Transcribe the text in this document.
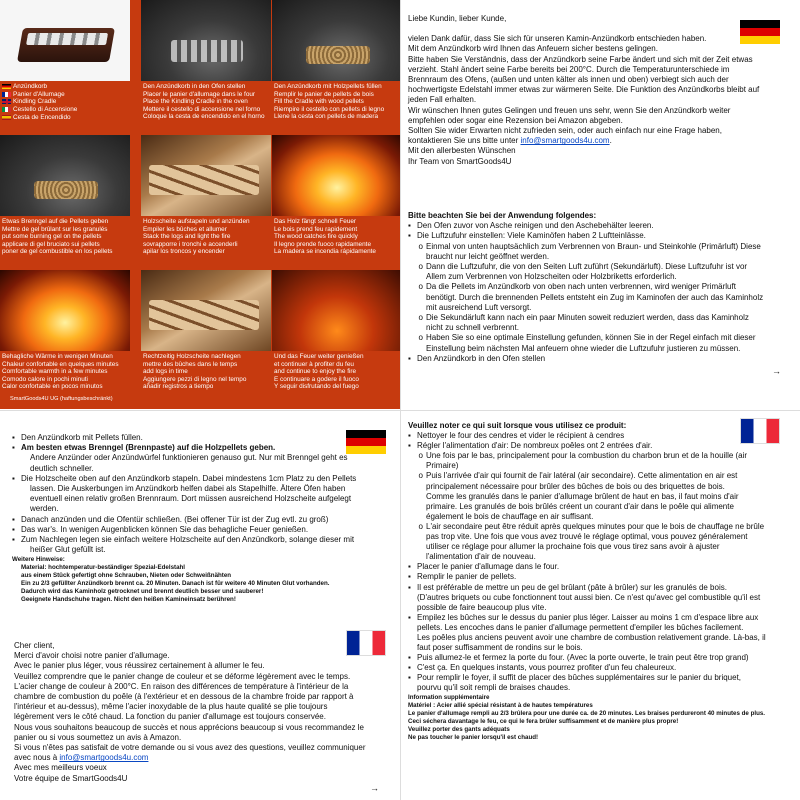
Anzündkorb
Panier d'Allumage
Kindling Cradle
Cestello di Accensione
Cesta de Encendido
Den Anzündkorb in den Ofen stellen
Placer le panier d'allumage dans le four
Place the Kindling Cradle in the oven
Mettere il cestello di accensione nel forno
Coloque la cesta de encendido en el horno
Den Anzündkorb mit Holzpellets füllen
Remplir le panier de pellets de bois
Fill the Cradle with wood pellets
Riempire il cestello con pellets di legno
Llene la cesta con pellets de madera
Etwas Brenngel auf die Pellets geben
Mettre de gel brûlant sur les granulés
put some burning gel on the pellets
applicare di gel bruciato sui pellets
poner de gel combustible en los pellets
Holzscheite aufstapeln und anzünden
Empiler les bûches et allumer
Stack the logs and light the fire
sovrapporre i tronchi e accenderli
apilar los troncos y encender
Das Holz fängt schnell Feuer
Le bois prend feu rapidement
The wood catches fire quickly
Il legno prende fuoco rapidamente
La madera se incendia rápidamente
Behagliche Wärme in wenigen Minuten
Chaleur confortable en quelques minutes
Comfortable warmth in a few minutes
Comodo calore in pochi minuti
Calor confortable en pocos minutos
Rechtzeitig Holzscheite nachlegen
mettre des bûches dans le temps
add logs in time
Aggiungere pezzi di legno nel tempo
añadir registros a tiempo
Und das Feuer weiter genießen
et continuer à profiter du feu
and continue to enjoy the fire
E continuare a godere il fuoco
Y seguir disfrutando del fuego
SmartGoods4U UG (haftungsbeschränkt)

Liebe Kundin, lieber Kunde,

vielen Dank dafür, dass Sie sich für unseren Kamin-Anzündkorb entschieden haben.

Mit dem Anzündkorb wird Ihnen das Anfeuern sicher bestens gelingen.

Bitte haben Sie Verständnis, dass der Anzündkorb seine Farbe ändert und sich mit der Zeit etwas

verzieht. Stahl ändert seine Farbe bereits bei 200°C. Durch die Temperaturunterschiede im

Brennraum des Ofens, (außen und unten kälter als innen und oben) verbiegt sich auch der

hochwertigste Edelstahl immer etwas zur wärmeren Seite. Die Funktion des Anzündkorbs bleibt auf

jeden Fall erhalten.

Wir wünschen Ihnen gutes Gelingen und freuen uns sehr, wenn Sie den Anzündkorb weiter

empfehlen oder sogar eine Rezension bei Amazon abgeben.

Sollten Sie wider Erwarten nicht zufrieden sein, oder auch einfach nur eine Frage haben,

kontaktieren Sie uns bitte unter info@smartgoods4u.com.

Mit den allerbesten Wünschen

Ihr Team von SmartGoods4U

Bitte beachten Sie bei der Anwendung folgendes:

▪ Den Ofen zuvor von Asche reinigen und den Aschebehälter leeren.
▪ Die Luftzufuhr einstellen: Viele Kaminöfen haben 2 Luftteinlässe.
o Einmal von unten hauptsächlich zum Verbrennen von Braun- und Steinkohle (Primärluft) Diese
braucht nur leicht geöffnet werden.
o Dann die Luftzufuhr, die von den Seiten Luft zuführt (Sekundärluft). Diese Luftzufuhr ist vor
Allem zum Verbrennen von Holzscheiten oder Holzbriketts erforderlich.
o Da die Pellets im Anzündkorb von oben nach unten verbrennen, wird weniger Primärluft
benötigt. Durch die brennenden Pellets entsteht ein Zug im Kaminofen der auch das Kaminholz
mit ausreichend Luft versorgt.
o Die Sekundärluft kann nach ein paar Minuten soweit reduziert werden, dass das Kaminholz
nicht zu schnell verbrennt.
o Haben Sie so eine optimale Einstellung gefunden, können Sie in der Regel einfach mit dieser
Einstellung beim nächsten Mal anfeuern ohne wieder die Luftzufuhr justieren zu müssen.
▪ Den Anzündkorb in den Ofen stellen
→
▪ Den Anzündkorb mit Pellets füllen.
▪ Am besten etwas Brenngel (Brennpaste) auf die Holzpellets geben.
Andere Anzünder oder Anzündwürfel funktionieren genauso gut. Nur mit Brenngel geht es
deutlich schneller.
▪ Die Holzscheite oben auf den Anzündkorb stapeln. Dabei mindestens 1cm Platz zu den Pellets
lassen. Die Auskerbungen im Anzündkorb helfen dabei als Stapelhilfe. Ältere Öfen haben
eventuell einen relativ großen Brennraum. Dort müssen ausreichend Holzscheite aufgelegt
werden.
▪ Danach anzünden und die Ofentür schließen. (Bei offener Tür ist der Zug evtl. zu groß)
▪ Das war's. In wenigen Augenblicken können Sie das behagliche Feuer genießen.
▪ Zum Nachlegen legen sie einfach weitere Holzscheite auf den Anzündkorb, solange dieser mit
heißer Glut gefüllt ist.

Weitere Hinweise:

Material: hochtemperatur-beständiger Spezial-Edelstahl

aus einem Stück gefertigt ohne Schrauben, Nieten oder Schweißnähten

Ein zu 2/3 gefüllter Anzündkorb brennt ca. 20 Minuten. Danach ist für weitere 40 Minuten Glut vorhanden.

Dadurch wird das Kaminholz getrocknet und brennt deutlich besser und sauberer!

Geeignete Handschuhe tragen. Nicht den heißen Kamineinsatz berühren!

Cher client,

Merci d'avoir choisi notre panier d'allumage.

Avec le panier plus léger, vous réussirez certainement à allumer le feu.

Veuillez comprendre que le panier change de couleur et se déforme légèrement avec le temps.

L'acier change de couleur à 200°C. En raison des différences de température à l'intérieur de la

chambre de combustion du poêle (à l'extérieur et en dessous de la chambre froide par rapport à

l'intérieur et au-dessus), même l'acier inoxydable de la plus haute qualité se plie toujours

légèrement vers le côté chaud. La fonction du panier d'allumage est toujours conservée.

Nous vous souhaitons beaucoup de succès et nous apprécions beaucoup si vous recommandez le

panier ou si vous soumettez un avis à Amazon.

Si vous n'êtes pas satisfait de votre demande ou si vous avez des questions, veuillez communiquer

avec nous à info@smartgoods4u.com

Avec mes meilleurs voeux

Votre équipe de SmartGoods4U

→

Veuillez noter ce qui suit lorsque vous utilisez ce produit:

▪ Nettoyer le four des cendres et vider le récipient à cendres
▪ Régler l'alimentation d'air: De nombreux poêles ont 2 entrées d'air.
o Une fois par le bas, principalement pour la combustion du charbon brun et de la houille (air
Primaire)
o Puis l'arrivée d'air qui fournit de l'air latéral (air secondaire). Cette alimentation en air est
principalement nécessaire pour brûler des bûches de bois ou des briquettes de bois.
Comme les granulés dans le panier d'allumage brûlent de haut en bas, il faut moins d'air
primaire. Les granulés de bois brûlés créent un courant d'air dans le poêle qui alimente
également le bois de chauffage en air suffisant.
o L'air secondaire peut être réduit après quelques minutes pour que le bois de chauffage ne brûle
pas trop vite. Une fois que vous avez trouvé le réglage optimal, vous pouvez généralement
utiliser ce réglage pour allumer la prochaine fois que vous tirez sans avoir à ajuster
l'alimentation d'air de nouveau.
▪ Placer le panier d'allumage dans le four.
▪ Remplir le panier de pellets.
▪ Il est préférable de mettre un peu de gel brûlant (pâte à brûler) sur les granulés de bois.
(D'autres briquets ou cube fonctionnent tout aussi bien. Ce n'est qu'avec gel combustible qu'il est
possible de faire beaucoup plus vite.
▪ Empilez les bûches sur le dessus du panier plus léger. Laisser au moins 1 cm d'espace libre aux
pellets. Les encoches dans le panier d'allumage permettent d'empiler les bûches facilement.
Les poêles plus anciens peuvent avoir une chambre de combustion relativement grande. Là-bas, il
faut poser suffisamment de rondins sur le bois.
▪ Puis allumez-le et fermez la porte du four. (Avec la porte ouverte, le train peut être trop grand)
▪ C'est ça. En quelques instants, vous pourrez profiter d'un feu chaleureux.
▪ Pour remplir le foyer, il suffit de placer des bûches supplémentaires sur le panier du briquet,
pourvu qu'il soit rempli de braises chaudes.

Information supplémentaire

Matériel : Acier allié spécial résistant à de hautes températures

Le panier d'allumage rempli au 2/3 brûlera pour une durée ca. de 20 minutes. Les braises perdureront 40 minutes de plus.

Ceci séchera davantage le feu, ce qui le fera brûler suffisamment et de manière plus propre!

Veuillez porter des gants adéquats

Ne pas toucher le panier lorsqu'il est chaud!
